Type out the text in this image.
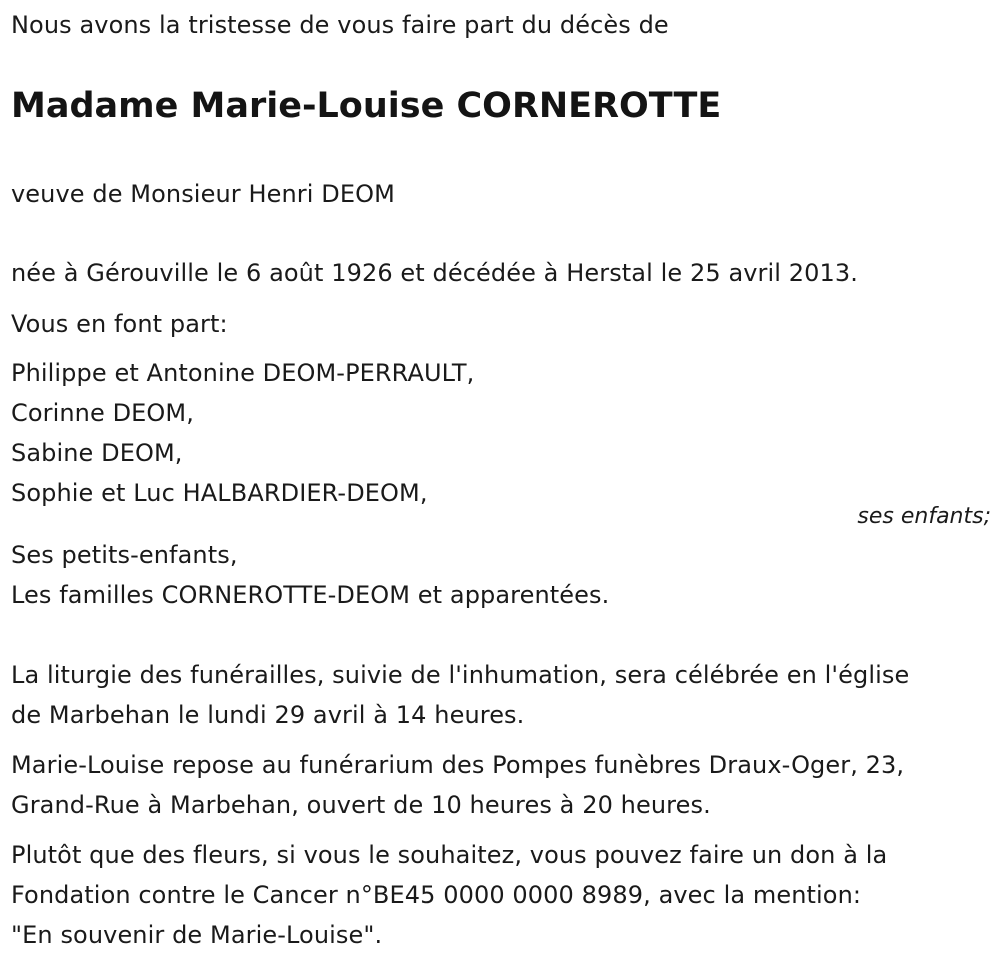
Nous avons la tristesse de vous faire part du décès de
Madame Marie-Louise CORNEROTTE
veuve de Monsieur Henri DEOM
née à Gérouville le 6 août 1926 et décédée à Herstal le 25 avril 2013.
Vous en font part:
Philippe et Antonine DEOM-PERRAULT,
Corinne DEOM,
Sabine DEOM,
Sophie et Luc HALBARDIER-DEOM,
ses enfants;
Ses petits-enfants,
Les familles CORNEROTTE-DEOM et apparentées.
La liturgie des funérailles, suivie de l'inhumation, sera célébrée en l'église
de Marbehan le lundi 29 avril à 14 heures.
Marie-Louise repose au funérarium des Pompes funèbres Draux-Oger, 23,
Grand-Rue à Marbehan, ouvert de 10 heures à 20 heures.
Plutôt que des fleurs, si vous le souhaitez, vous pouvez faire un don à la
Fondation contre le Cancer n°BE45 0000 0000 8989, avec la mention:
"En souvenir de Marie-Louise".
